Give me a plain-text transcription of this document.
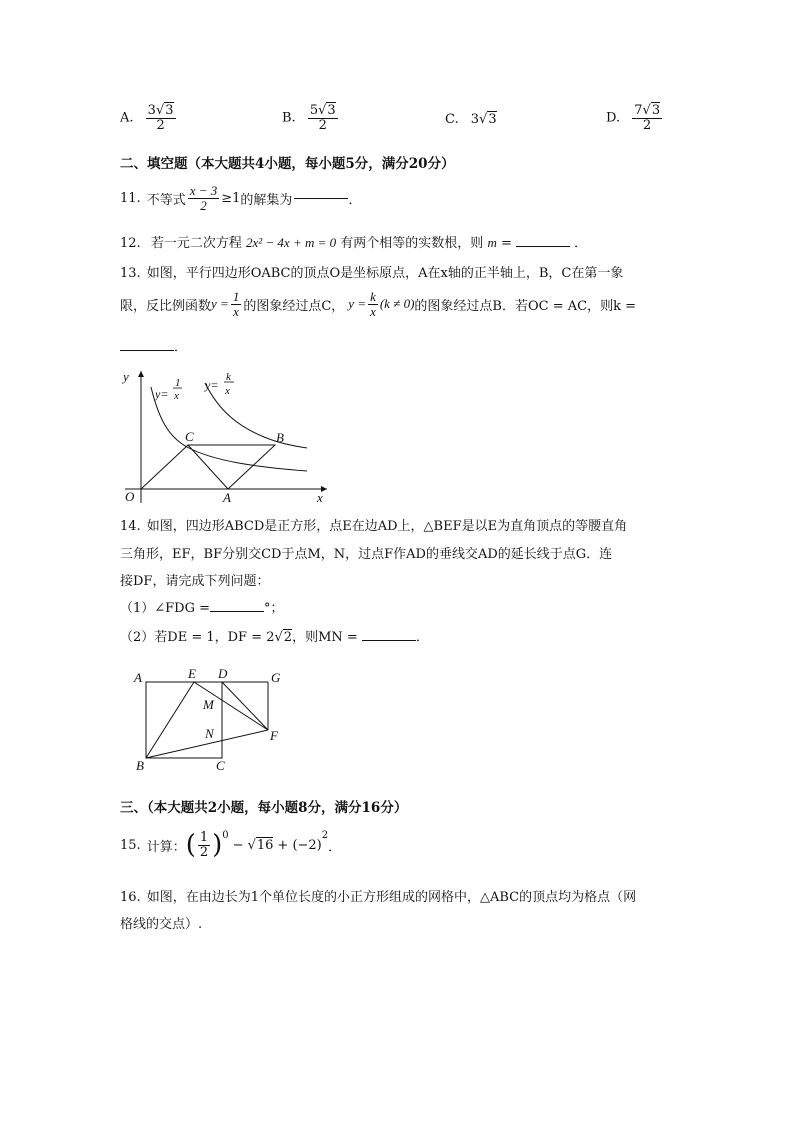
A. $\frac{3√3}{2}$	B. $\frac{5√3}{2}$	C. 3√3	D. $\frac{7√3}{2}$
二、填空题（本大题共4小题，每小题5分，满分20分）
11. 不等式 $\frac{x - 3}{2} \ge 1$ 的解集为	．
12. 若一元二次方程 2x² − 4x + m = 0 有两个相等的实数根，则 m =	．
13. 如图，平行四边形OABC的顶点O是坐标原点，A在x轴的正半轴上，B，C在第一象
限，反比例函数 $y = \frac{1}{x}$ 的图象经过点C， $y = \frac{k}{x} (k \ne 0)$ 的图象经过点B．若OC = AC，则k =
．
y
x
O	A
B
C
y=
1
x
y=
k
x
14. 如图，四边形ABCD是正方形，点E在边AD上，△BEF是以E为直角顶点的等腰直角
三角形，EF，BF分别交CD于点M，N，过点F作AD的垂线交AD的延长线于点G．连
接DF，请完成下列问题：
（1）∠FDG =	°；
（2）若DE = 1，DF = 2√2，则MN =	．
A	E D	G
M
N	F
B	C
三、（本大题共2小题，每小题8分，满分16分）
15. 计算： ( $\frac{1}{2} )^0$
− √ 16 + (−2)
$^2$
．
16. 如图，在由边长为1个单位长度的小正方形组成的网格中，△ABC的顶点均为格点（网
格线的交点）.
